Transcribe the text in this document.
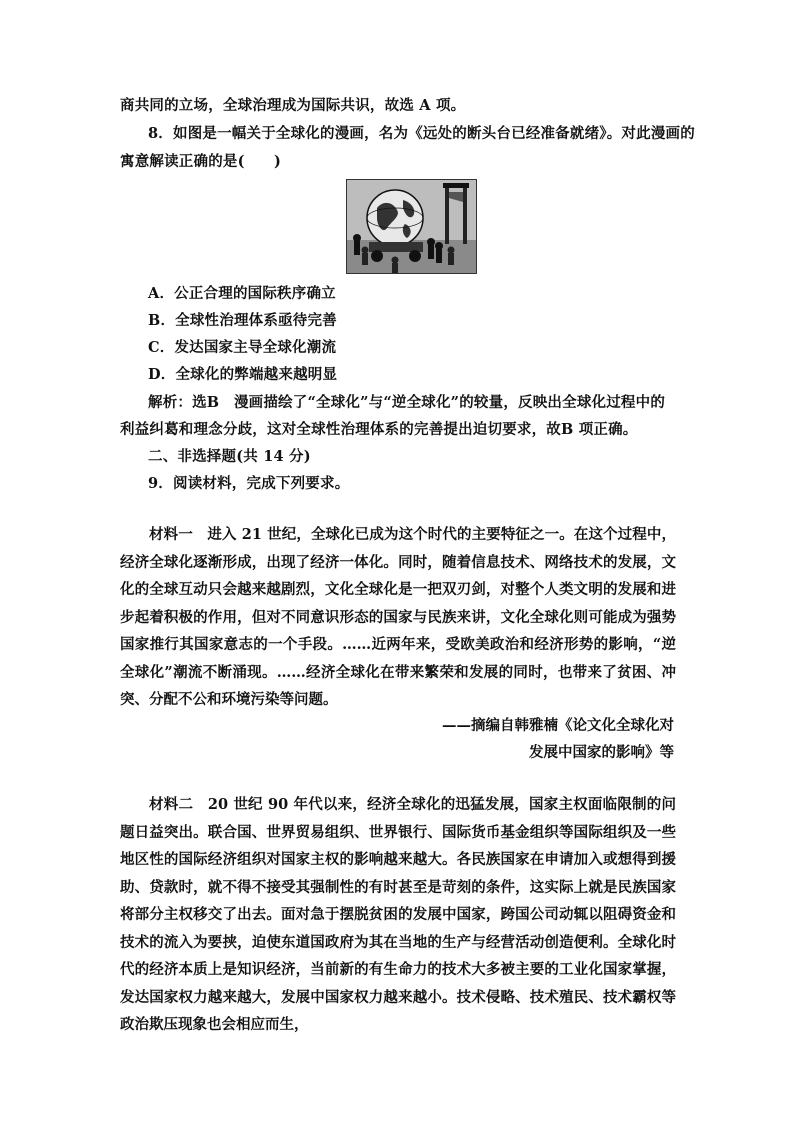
商共同的立场，全球治理成为国际共识，故选 A 项。
8．如图是一幅关于全球化的漫画，名为《远处的断头台已经准备就绪》。对此漫画的
寓意解读正确的是(　　)
A．公正合理的国际秩序确立
B．全球性治理体系亟待完善
C．发达国家主导全球化潮流
D．全球化的弊端越来越明显
解析：选B　漫画描绘了“全球化”与“逆全球化”的较量，反映出全球化过程中的
利益纠葛和理念分歧，这对全球性治理体系的完善提出迫切要求，故B 项正确。
二、非选择题(共 14 分)
9．阅读材料，完成下列要求。
材料一　进入 21 世纪，全球化已成为这个时代的主要特征之一。在这个过程中，经济全球化逐渐形成，出现了经济一体化。同时，随着信息技术、网络技术的发展，文化的全球互动只会越来越剧烈，文化全球化是一把双刃剑，对整个人类文明的发展和进步起着积极的作用，但对不同意识形态的国家与民族来讲，文化全球化则可能成为强势国家推行其国家意志的一个手段。……近两年来，受欧美政治和经济形势的影响，“逆全球化”潮流不断涌现。……经济全球化在带来繁荣和发展的同时，也带来了贫困、冲突、分配不公和环境污染等问题。
——摘编自韩雅楠《论文化全球化对
发展中国家的影响》等
材料二　20 世纪 90 年代以来，经济全球化的迅猛发展，国家主权面临限制的问题日益突出。联合国、世界贸易组织、世界银行、国际货币基金组织等国际组织及一些地区性的国际经济组织对国家主权的影响越来越大。各民族国家在申请加入或想得到援助、贷款时，就不得不接受其强制性的有时甚至是苛刻的条件，这实际上就是民族国家将部分主权移交了出去。面对急于摆脱贫困的发展中国家，跨国公司动辄以阻碍资金和技术的流入为要挟，迫使东道国政府为其在当地的生产与经营活动创造便利。全球化时代的经济本质上是知识经济，当前新的有生命力的技术大多被主要的工业化国家掌握，发达国家权力越来越大，发展中国家权力越来越小。技术侵略、技术殖民、技术霸权等政治欺压现象也会相应而生，
